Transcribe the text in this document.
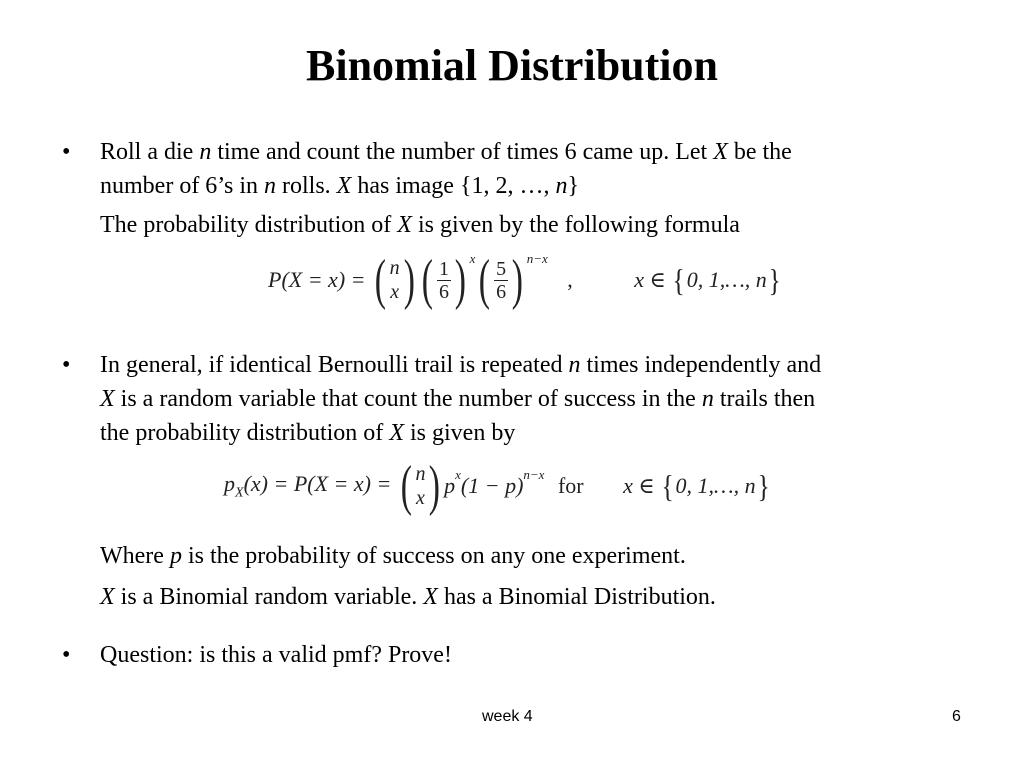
Binomial Distribution
•	Roll a die n time and count the number of times 6 came up. Let X be the
number of 6’s in n rolls. X has image {1, 2, …, n}
The probability distribution of X is given by the following formula
P(X = x) = ( n
x ) ( $\frac{1}{6}$ ) $^x( \frac{5}{6}$ ) $^{n-x}$ ,	x ∈ {0, 1,…, n}
•	In general, if identical Bernoulli trail is repeated n times independently and
X is a random variable that count the number of success in the n trails then
the probability distribution of X is given by
$p_X(x) = P(X = x)$ = ( n
x ) $p^x(1 - p)^{n-x}$ for x ∈ {0, 1,…, n}
Where p is the probability of success on any one experiment.
X is a Binomial random variable. X has a Binomial Distribution.
•	Question: is this a valid pmf? Prove!
week 4	6
